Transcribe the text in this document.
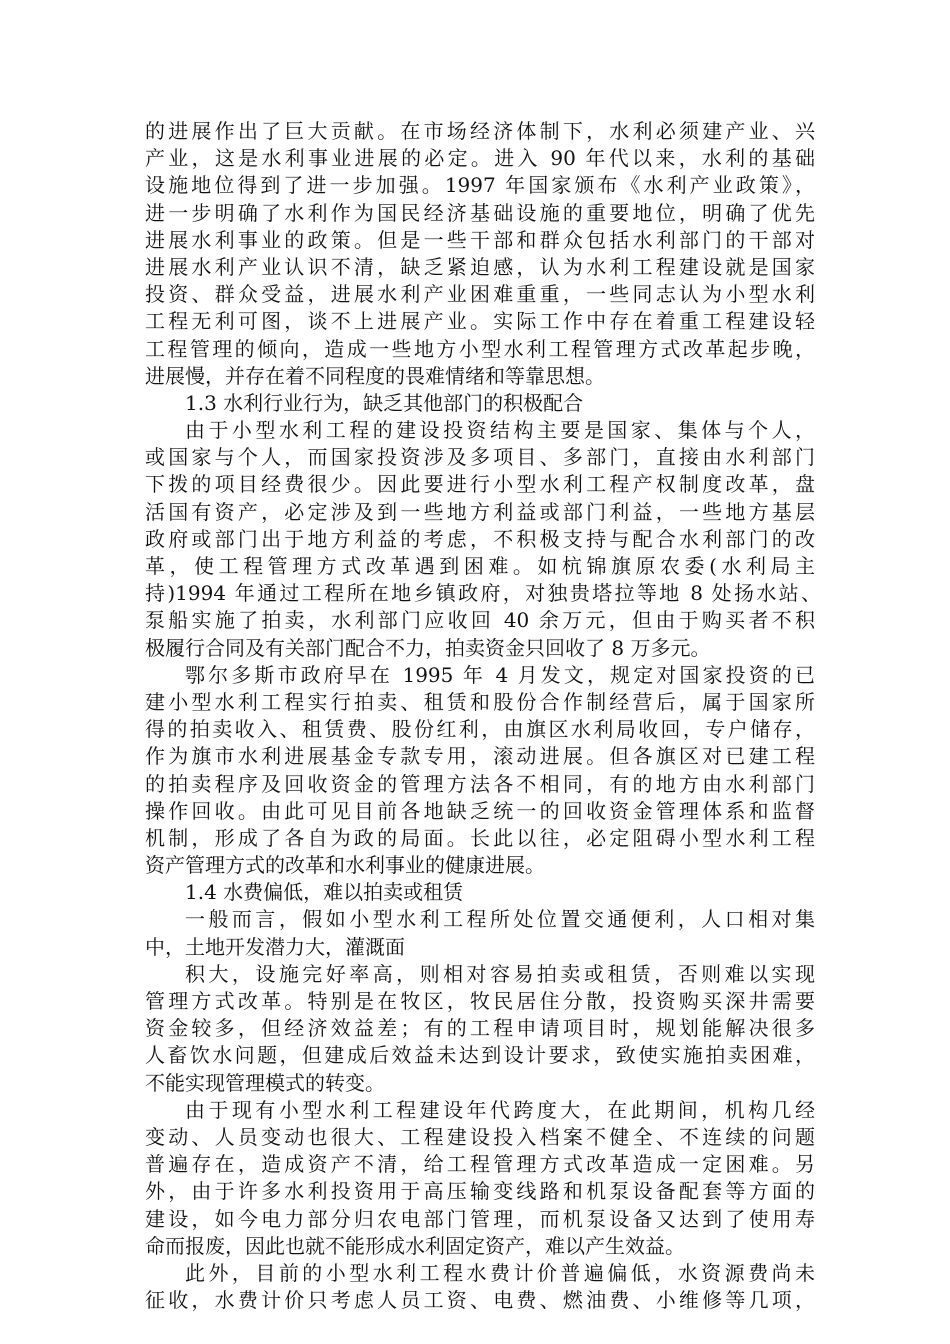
的进展作出了巨大贡献。在市场经济体制下，水利必须建产业、兴
产业，这是水利事业进展的必定。进入 90 年代以来，水利的基础
设施地位得到了进一步加强。1997 年国家颁布《水利产业政策》，
进一步明确了水利作为国民经济基础设施的重要地位，明确了优先
进展水利事业的政策。但是一些干部和群众包括水利部门的干部对
进展水利产业认识不清，缺乏紧迫感，认为水利工程建设就是国家
投资、群众受益，进展水利产业困难重重，一些同志认为小型水利
工程无利可图，谈不上进展产业。实际工作中存在着重工程建设轻
工程管理的倾向，造成一些地方小型水利工程管理方式改革起步晚，
进展慢，并存在着不同程度的畏难情绪和等靠思想。
1.3 水利行业行为，缺乏其他部门的积极配合
由于小型水利工程的建设投资结构主要是国家、集体与个人，
或国家与个人，而国家投资涉及多项目、多部门，直接由水利部门
下拨的项目经费很少。因此要进行小型水利工程产权制度改革，盘
活国有资产，必定涉及到一些地方利益或部门利益，一些地方基层
政府或部门出于地方利益的考虑，不积极支持与配合水利部门的改
革，使工程管理方式改革遇到困难。如杭锦旗原农委(水利局主
持)1994 年通过工程所在地乡镇政府，对独贵塔拉等地 8 处扬水站、
泵船实施了拍卖，水利部门应收回 40 余万元，但由于购买者不积
极履行合同及有关部门配合不力，拍卖资金只回收了 8 万多元。
鄂尔多斯市政府早在 1995 年 4 月发文，规定对国家投资的已
建小型水利工程实行拍卖、租赁和股份合作制经营后，属于国家所
得的拍卖收入、租赁费、股份红利，由旗区水利局收回，专户储存，
作为旗市水利进展基金专款专用，滚动进展。但各旗区对已建工程
的拍卖程序及回收资金的管理方法各不相同，有的地方由水利部门
操作回收。由此可见目前各地缺乏统一的回收资金管理体系和监督
机制，形成了各自为政的局面。长此以往，必定阻碍小型水利工程
资产管理方式的改革和水利事业的健康进展。
1.4 水费偏低，难以拍卖或租赁
一般而言，假如小型水利工程所处位置交通便利，人口相对集
中，土地开发潜力大，灌溉面
积大，设施完好率高，则相对容易拍卖或租赁，否则难以实现
管理方式改革。特别是在牧区，牧民居住分散，投资购买深井需要
资金较多，但经济效益差；有的工程申请项目时，规划能解决很多
人畜饮水问题，但建成后效益未达到设计要求，致使实施拍卖困难，
不能实现管理模式的转变。
由于现有小型水利工程建设年代跨度大，在此期间，机构几经
变动、人员变动也很大、工程建设投入档案不健全、不连续的问题
普遍存在，造成资产不清，给工程管理方式改革造成一定困难。另
外，由于许多水利投资用于高压输变线路和机泵设备配套等方面的
建设，如今电力部分归农电部门管理，而机泵设备又达到了使用寿
命而报废，因此也就不能形成水利固定资产，难以产生效益。
此外，目前的小型水利工程水费计价普遍偏低，水资源费尚未
征收，水费计价只考虑人员工资、电费、燃油费、小维修等几项，
